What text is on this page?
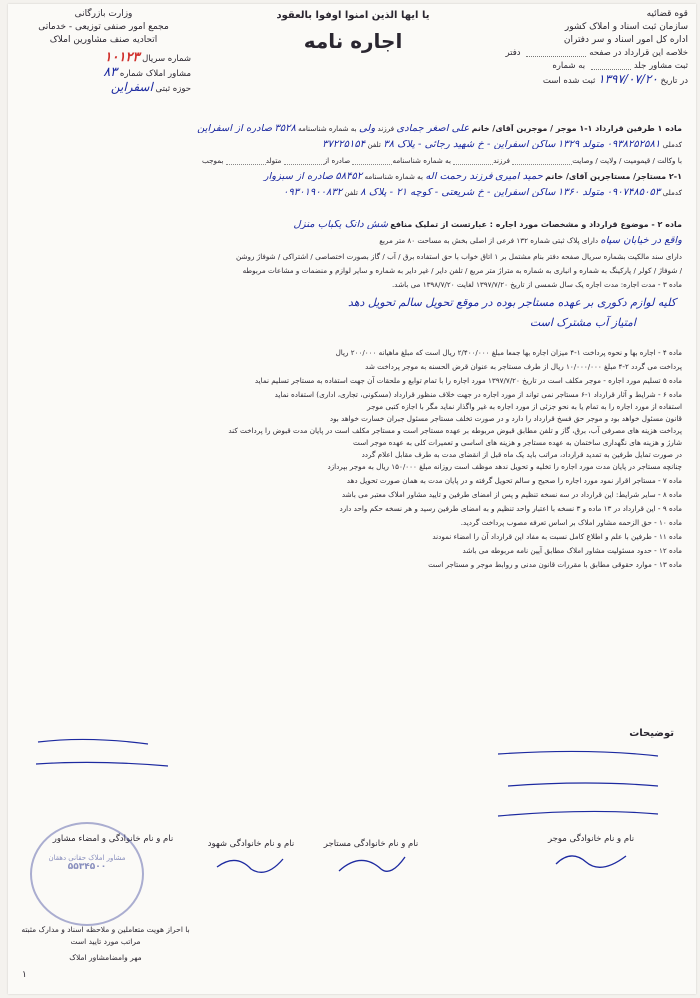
وزارت بازرگانی
مجمع امور صنفی توزیعی - خدماتی
اتحادیه صنف مشاورین املاک
شماره سریال ۱۰۱۲۳
مشاور املاک شماره ۸۳
حوزه ثبتی اسفراین
یا ایها الذین امنوا اوفوا بالعقود
اجاره نامه
قوه قضائیه
سازمان ثبت اسناد و املاک کشور
اداره کل امور اسناد و سر دفتران
خلاصه این قرارداد در صفحه دفتر
ثبت مشاور جلد به شماره
در تاریخ ۱۳۹۷/۰۷/۲۰ ثبت شده است
ماده ۱ طرفین قرارداد ۱-۱ موجر / موجرین آقای/ خانم علی اصغر جمادی فرزند ولی به شماره شناسنامه ۳۵۲۸ صادره از اسفراین
کدملی ۰۹۳۸۲۵۲۵۸۱ متولد ۱۳۲۹ ساکن اسفراین - خ شهید رجائی - پلاک ۳۸ تلفن ۳۷۲۲۵۱۵۴
با وکالت / قیمومیت / ولایت / وصایت فرزند به شماره شناسنامه صادره از متولد بموجب
۲-۱ مستاجر/ مستاجرین آقای/ خانم حمید امیری فرزند رحمت اله به شماره شناسنامه ۵۸۴۵۲ صادره از سبزوار
کدملی ۰۹۰۷۴۸۵۰۵۳ متولد ۱۳۶۰ ساکن اسفراین - خ شریعتی - کوچه ۲۱ - پلاک ۸ تلفن ۰۹۳۰۱۹۰۰۸۳۲
ماده ۲ - موضوع قرارداد و مشخصات مورد اجاره : عبارتست از تملیک منافع شش دانگ یکباب منزل
واقع در خیابان سپاه دارای پلاک ثبتی شماره ۱۳۲ فرعی از اصلی بخش به مساحت ۸۰ متر مربع
دارای سند مالکیت بشماره سریال صفحه دفتر بنام مشتمل بر ۱ اتاق خواب با حق استفاده برق / آب / گاز بصورت اختصاصی / اشتراکی / شوفاژ روشن
/ شوفاژ / کولر / پارکینگ به شماره و انباری به شماره به متراژ متر مربع / تلفن دایر / غیر دایر به شماره و سایر لوازم و منضمات و مشاعات مربوطه
ماده ۳ - مدت اجاره: مدت اجاره یک سال شمسی از تاریخ ۱۳۹۷/۷/۲۰ لغایت ۱۳۹۸/۷/۲۰ می باشد.
کلیه لوازم دکوری بر عهده مستاجر بوده در موقع تحویل سالم تحویل دهد
امتیاز آب مشترک است
ماده ۴ - اجاره بها و نحوه پرداخت ۱-۴ میزان اجاره بها جمعا مبلغ ۲/۴۰۰/۰۰۰ ریال است که مبلغ ماهیانه ۲۰۰/۰۰۰ ریال
پرداخت می گردد ۲-۴ مبلغ ۱۰/۰۰۰/۰۰۰ ریال از طرف مستاجر به عنوان قرض الحسنه به موجر پرداخت شد
ماده ۵ تسلیم مورد اجاره - موجر مکلف است در تاریخ ۱۳۹۷/۷/۲۰ مورد اجاره را با تمام توابع و ملحقات آن جهت استفاده به مستاجر تسلیم نماید
ماده ۶ - شرایط و آثار قرارداد ۱-۶ مستاجر نمی تواند از مورد اجاره در جهت خلاف منظور قرارداد (مسکونی، تجاری، اداری) استفاده نماید
استفاده از مورد اجاره را به تمام یا به نحو جزئی از مورد اجاره به غیر واگذار نماید مگر با اجازه کتبی موجر
قانون مسئول خواهد بود و موجر حق فسخ قرارداد را دارد و در صورت تخلف مستاجر مسئول جبران خسارت خواهد بود
پرداخت هزینه های مصرفی آب، برق، گاز و تلفن مطابق قبوض مربوطه بر عهده مستاجر است و مستاجر مکلف است در پایان مدت قبوض را پرداخت کند
شارژ و هزینه های نگهداری ساختمان به عهده مستاجر و هزینه های اساسی و تعمیرات کلی به عهده موجر است
در صورت تمایل طرفین به تمدید قرارداد، مراتب باید یک ماه قبل از انقضای مدت به طرف مقابل اعلام گردد
چنانچه مستاجر در پایان مدت مورد اجاره را تخلیه و تحویل ندهد موظف است روزانه مبلغ ۱۵۰/۰۰۰ ریال به موجر بپردازد
ماده ۷ - مستاجر اقرار نمود مورد اجاره را صحیح و سالم تحویل گرفته و در پایان مدت به همان صورت تحویل دهد
ماده ۸ - سایر شرایط: این قرارداد در سه نسخه تنظیم و پس از امضای طرفین و تایید مشاور املاک معتبر می باشد
ماده ۹ - این قرارداد در ۱۳ ماده و ۳ نسخه با اعتبار واحد تنظیم و به امضای طرفین رسید و هر نسخه حکم واحد دارد
ماده ۱۰ - حق الزحمه مشاور املاک بر اساس تعرفه مصوب پرداخت گردید.
ماده ۱۱ - طرفین با علم و اطلاع کامل نسبت به مفاد این قرارداد آن را امضاء نمودند
ماده ۱۲ - حدود مسئولیت مشاور املاک مطابق آیین نامه مربوطه می باشد
ماده ۱۳ - موارد حقوقی مطابق با مقررات قانون مدنی و روابط موجر و مستاجر است
توضیحات
نام و نام خانوادگی موجر
نام و نام خانوادگی مستاجر
نام و نام خانوادگی شهود
نام و نام خانوادگی و امضاء مشاور
مشاور املاک حقانی دهقان
۵۵۳۴۵۰۰
با احراز هویت متعاملین و ملاحظه اسناد و مدارک مثبته
مراتب مورد تایید است
مهر وامضامشاور املاک
۱
